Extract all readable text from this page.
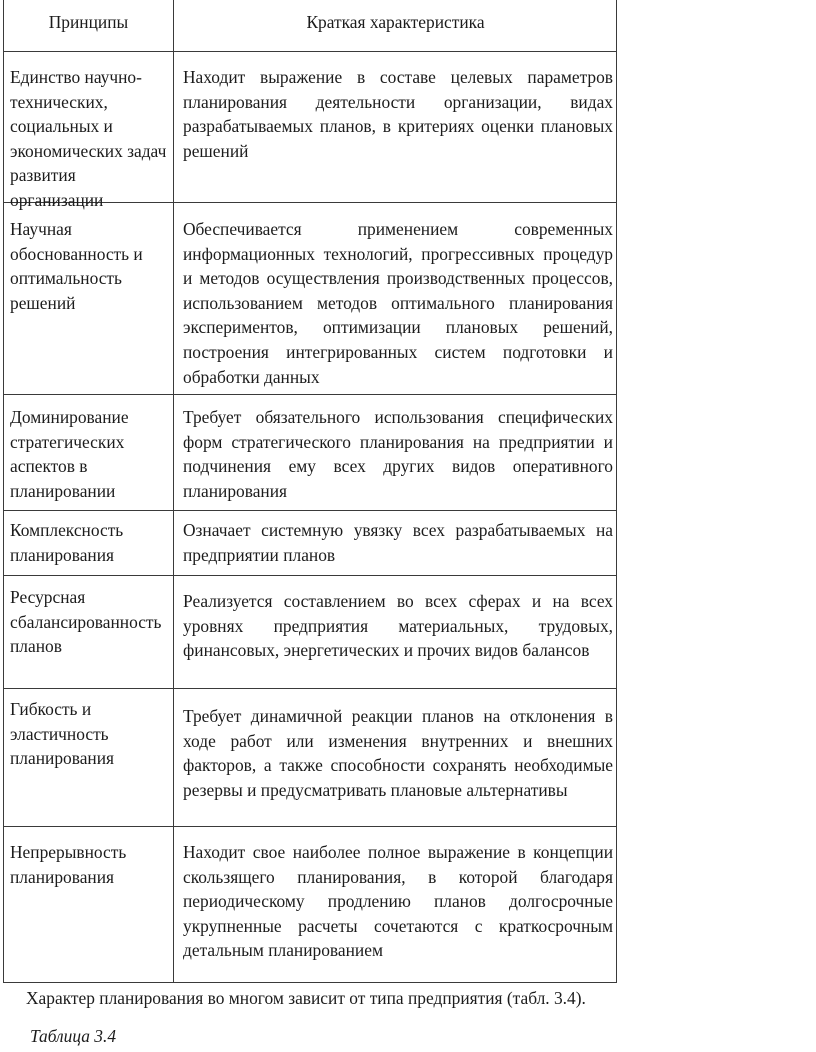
Принципы	Краткая характеристика
Единство научно-технических, социальных и экономических задач развития организации
Находит выражение в составе целевых параметров планирования деятельности организации, видах разрабатываемых планов, в критериях оценки плановых решений
Научная обоснованность и оптимальность решений
Обеспечивается применением современных информационных технологий, прогрессивных процедур и методов осуществления производственных процессов, использованием методов оптимального планирования экспериментов, оптимизации плановых решений, построения интегрированных систем подготовки и обработки данных
Доминирование стратегических аспектов в планировании
Требует обязательного использования специфических форм стратегического планирования на предприятии и подчинения ему всех других видов оперативного планирования
Комплексность планирования
Означает системную увязку всех разрабатываемых на предприятии планов
Ресурсная сбалансированность планов
Реализуется составлением во всех сферах и на всех уровнях предприятия материальных, трудовых, финансовых, энергетических и прочих видов балансов
Гибкость и эластичность планирования
Требует динамичной реакции планов на отклонения в ходе работ или изменения внутренних и внешних факторов, а также способности сохранять необходимые резервы и предусматривать плановые альтернативы
Непрерывность планирования
Находит свое наиболее полное выражение в концепции скользящего планирования, в которой благодаря периодическому продлению планов долгосрочные укрупненные расчеты сочетаются с краткосрочным детальным планированием
Характер планирования во многом зависит от типа предприятия (табл. 3.4).
Таблица 3.4
